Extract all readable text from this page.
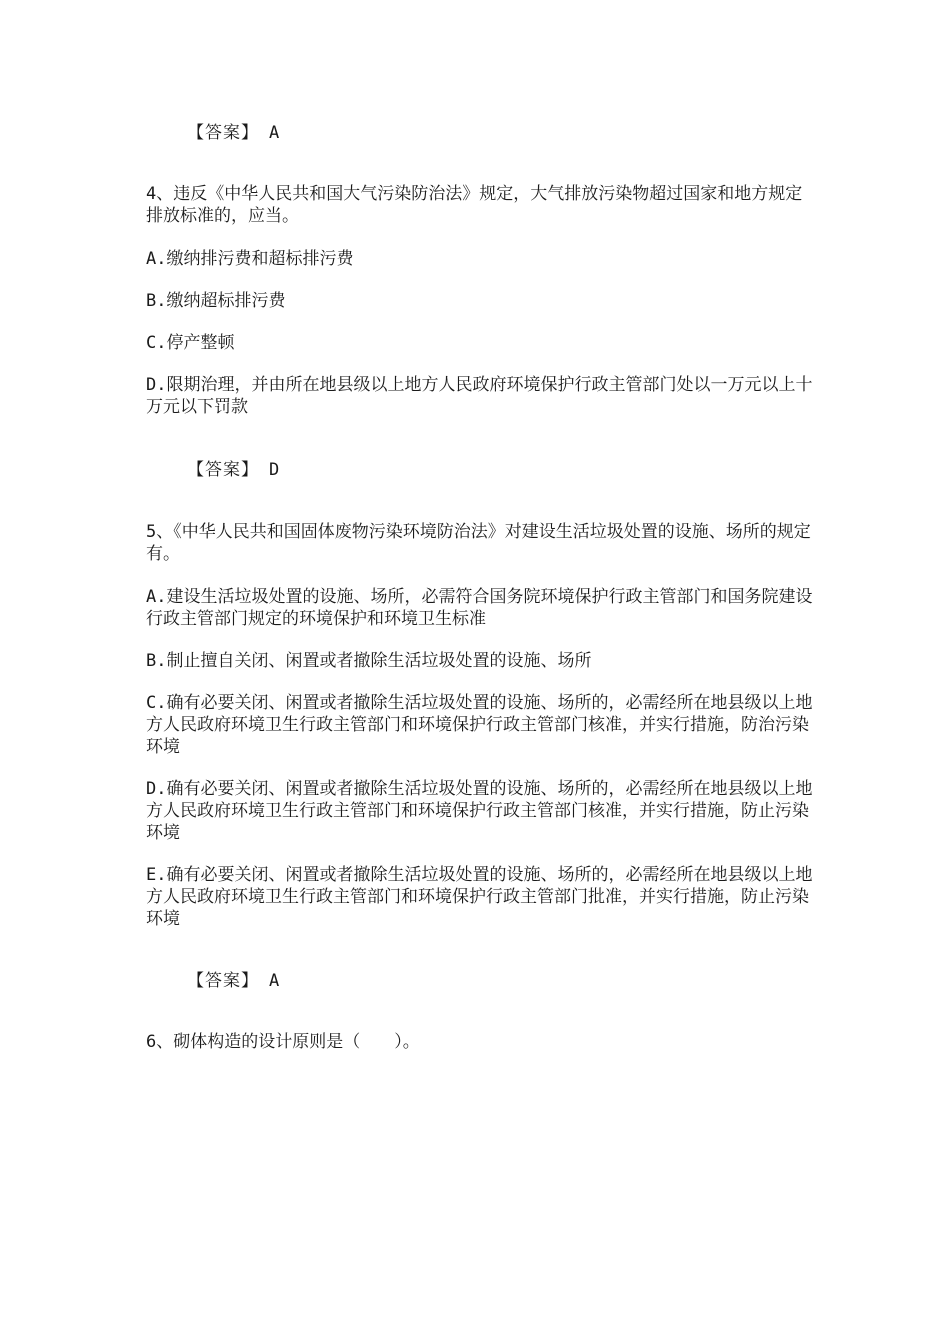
【答案】 A

4、违反《中华人民共和国大气污染防治法》规定，大气排放污染物超过国家和地方规定排放标准的，应当。
A.缴纳排污费和超标排污费
B.缴纳超标排污费
C.停产整顿
D.限期治理，并由所在地县级以上地方人民政府环境保护行政主管部门处以一万元以上十万元以下罚款

【答案】 D

5、《中华人民共和国固体废物污染环境防治法》对建设生活垃圾处置的设施、场所的规定有。
A.建设生活垃圾处置的设施、场所，必需符合国务院环境保护行政主管部门和国务院建设行政主管部门规定的环境保护和环境卫生标准
B.制止擅自关闭、闲置或者撤除生活垃圾处置的设施、场所
C.确有必要关闭、闲置或者撤除生活垃圾处置的设施、场所的，必需经所在地县级以上地方人民政府环境卫生行政主管部门和环境保护行政主管部门核准，并实行措施，防治污染环境
D.确有必要关闭、闲置或者撤除生活垃圾处置的设施、场所的，必需经所在地县级以上地方人民政府环境卫生行政主管部门和环境保护行政主管部门核准，并实行措施，防止污染环境
E.确有必要关闭、闲置或者撤除生活垃圾处置的设施、场所的，必需经所在地县级以上地方人民政府环境卫生行政主管部门和环境保护行政主管部门批准，并实行措施，防止污染环境

【答案】 A

6、砌体构造的设计原则是（　　）。
